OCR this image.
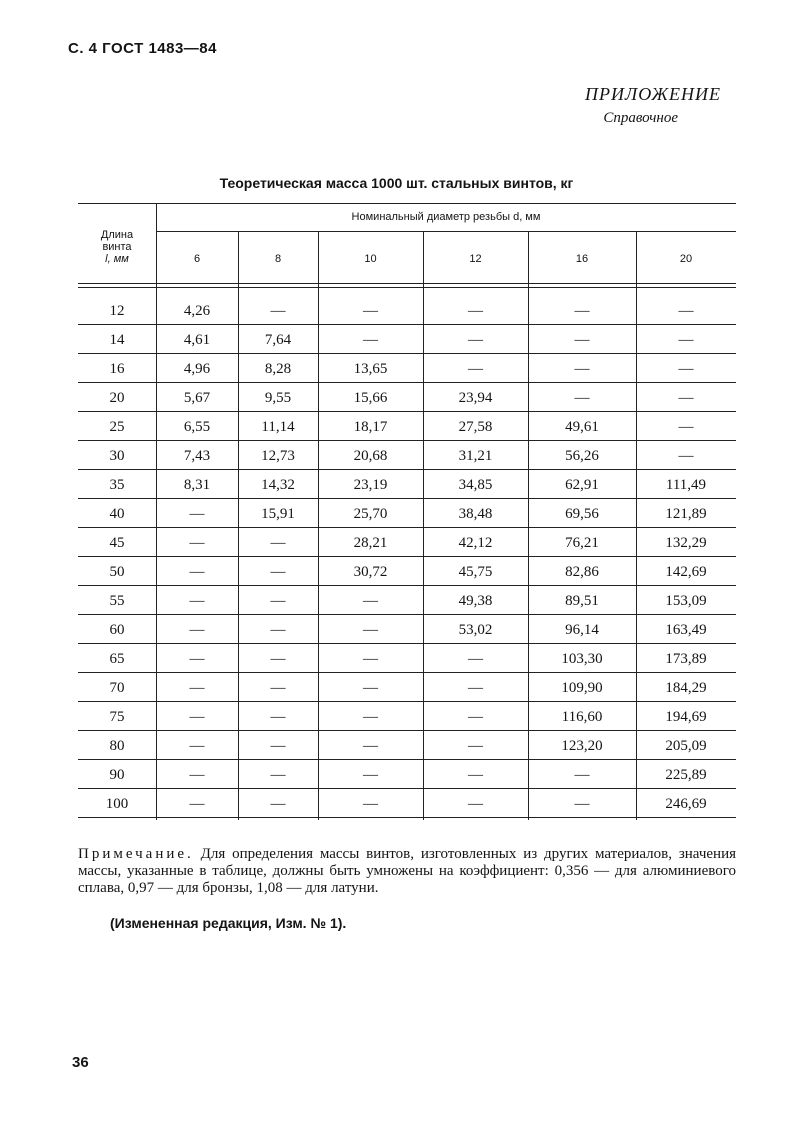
С. 4 ГОСТ 1483—84
ПРИЛОЖЕНИЕ
Справочное
Теоретическая масса 1000 шт. стальных винтов, кг
Длина
винта
l, мм
Номинальный диаметр резьбы d, мм
6	8	10	12	16	20
12	4,26	—	—	—	—	—
14	4,61	7,64	—	—	—	—
16	4,96	8,28	13,65	—	—	—
20	5,67	9,55	15,66	23,94	—	—
25	6,55	11,14	18,17	27,58	49,61	—
30	7,43	12,73	20,68	31,21	56,26	—
35	8,31	14,32	23,19	34,85	62,91	111,49
40	—	15,91	25,70	38,48	69,56	121,89
45	—	—	28,21	42,12	76,21	132,29
50	—	—	30,72	45,75	82,86	142,69
55	—	—	—	49,38	89,51	153,09
60	—	—	—	53,02	96,14	163,49
65	—	—	—	—	103,30	173,89
70	—	—	—	—	109,90	184,29
75	—	—	—	—	116,60	194,69
80	—	—	—	—	123,20	205,09
90	—	—	—	—	—	225,89
100	—	—	—	—	—	246,69
Примечание. Для определения массы винтов, изготовленных из других материалов, значения массы, указанные в таблице, должны быть умножены на коэффициент: 0,356 — для алюминиевого сплава, 0,97 — для бронзы, 1,08 — для латуни.
(Измененная редакция, Изм. № 1).
36
